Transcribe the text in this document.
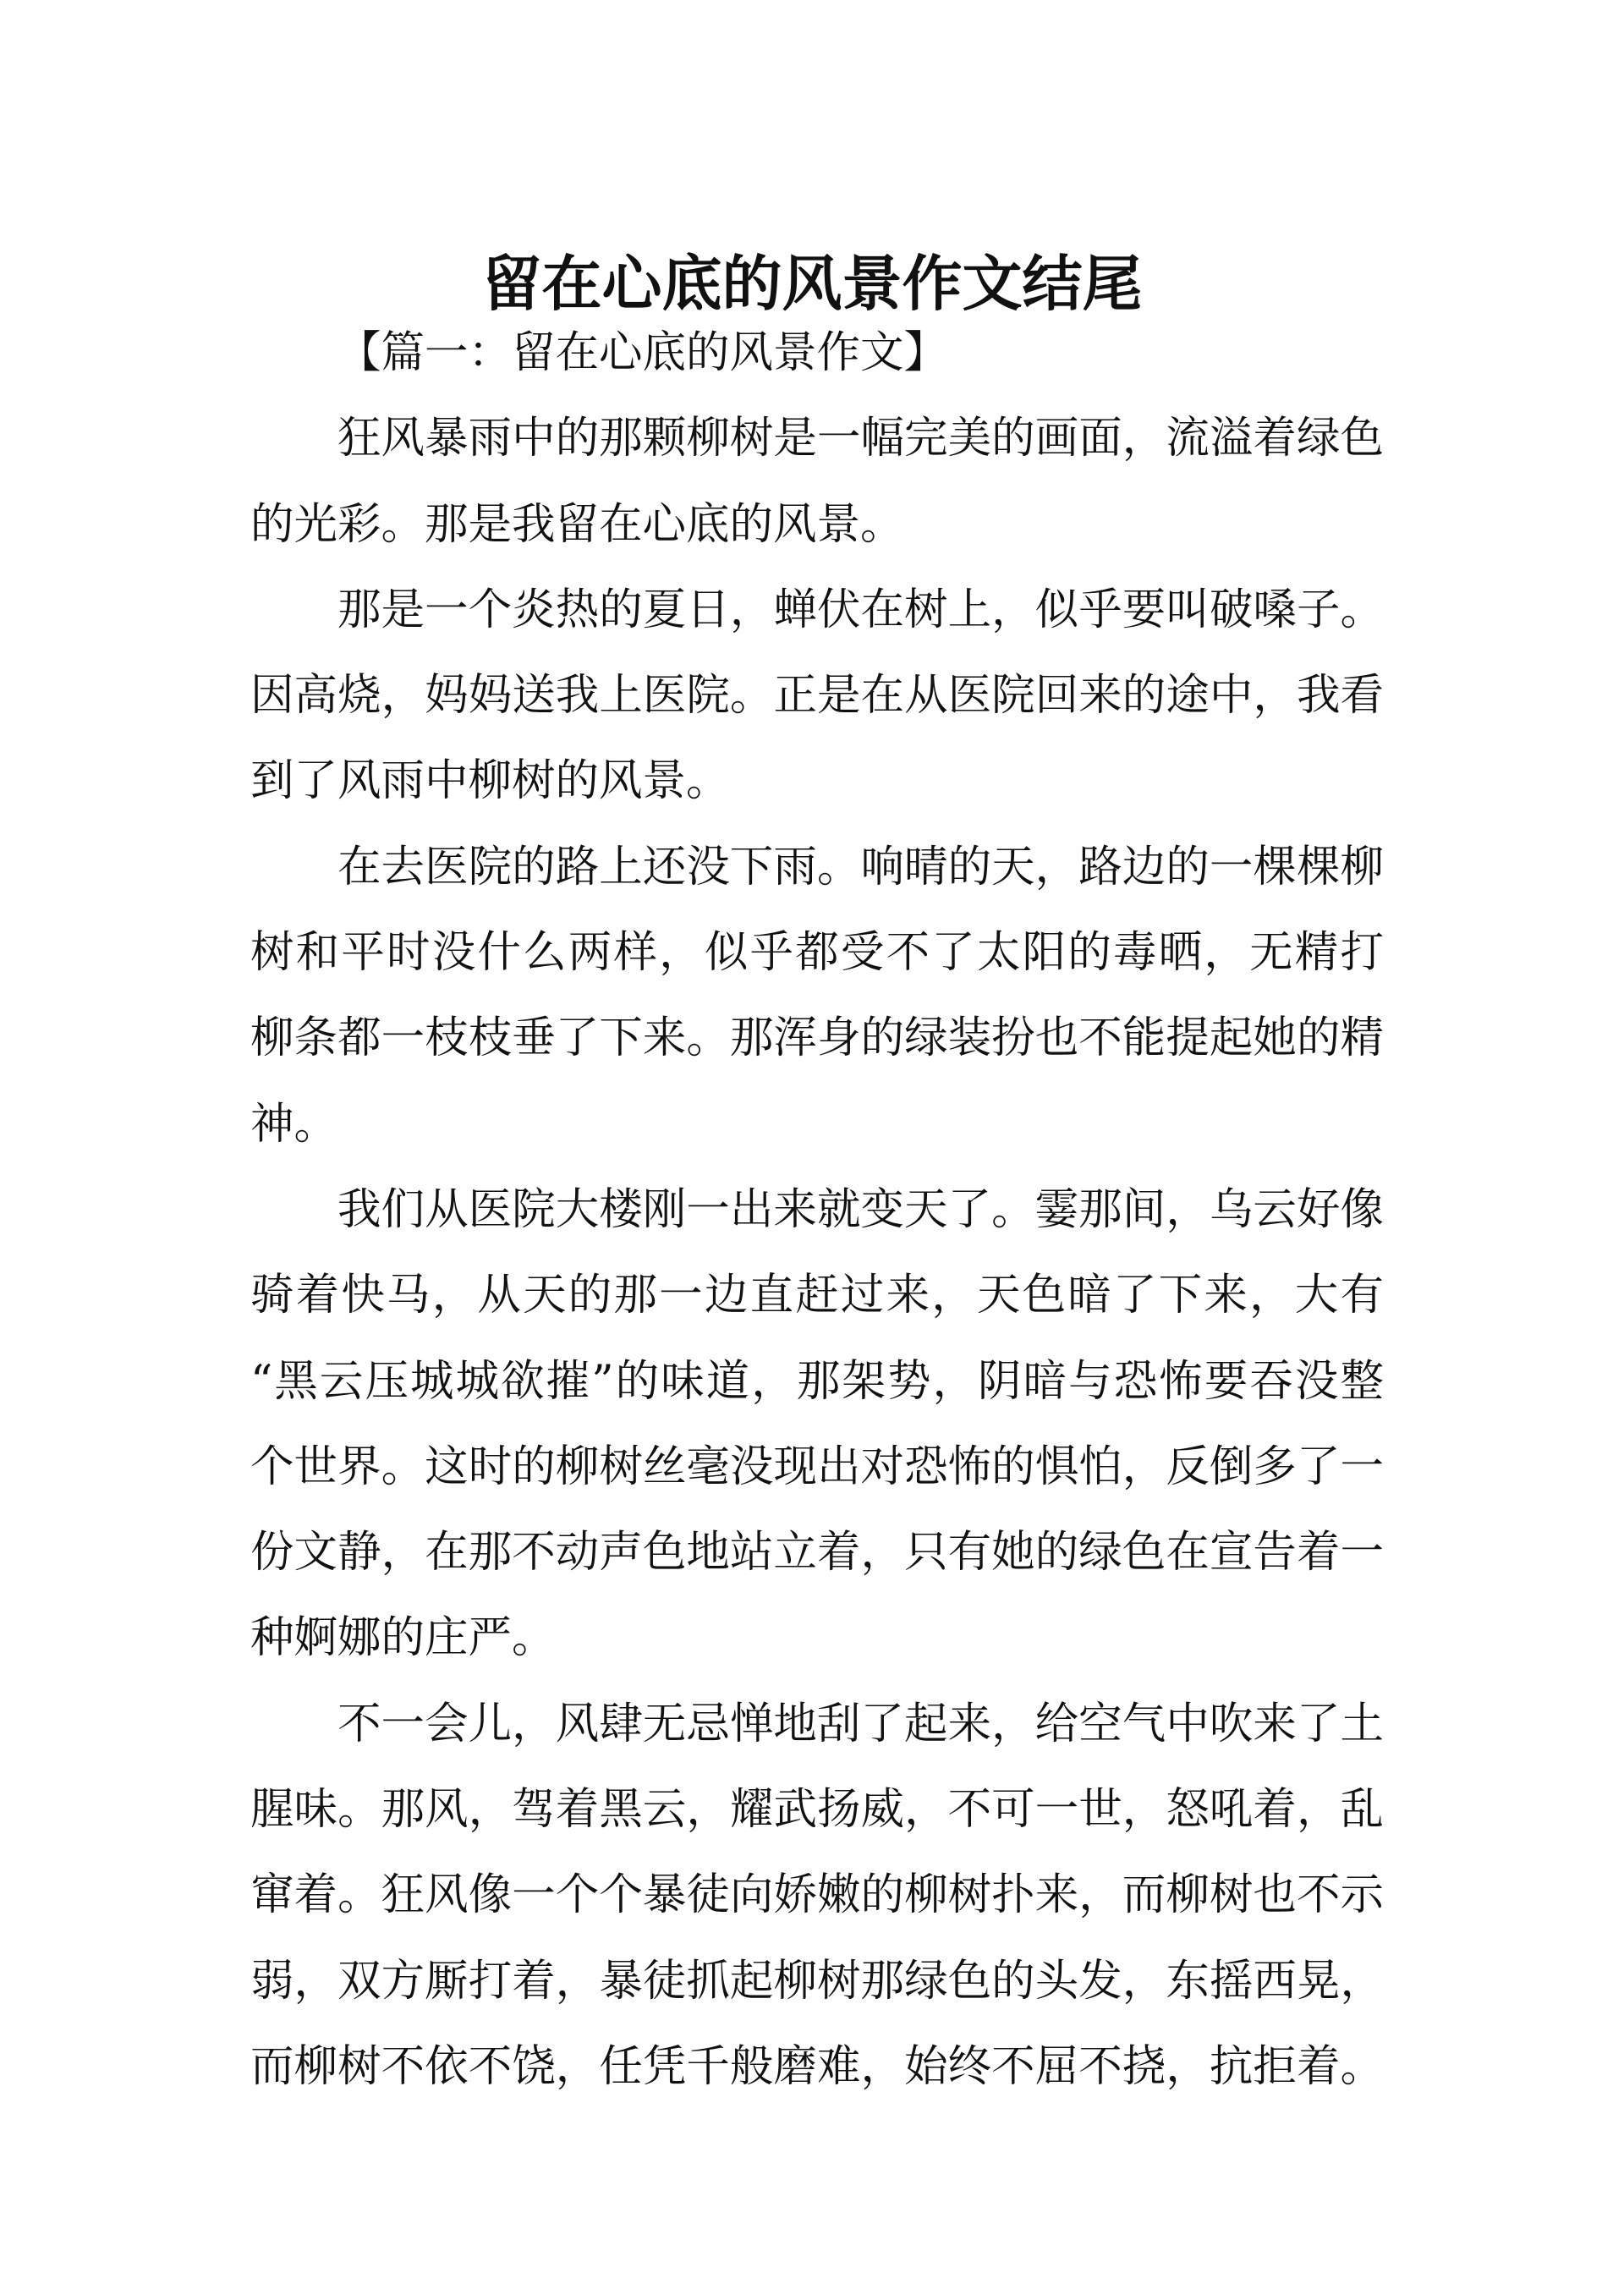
留在心底的风景作文结尾
【篇一：留在心底的风景作文】
狂风暴雨中的那颗柳树是一幅完美的画面，流溢着绿色
的光彩。那是我留在心底的风景。
那是一个炎热的夏日，蝉伏在树上，似乎要叫破嗓子。
因高烧，妈妈送我上医院。正是在从医院回来的途中，我看
到了风雨中柳树的风景。
在去医院的路上还没下雨。响晴的天，路边的一棵棵柳
树和平时没什么两样，似乎都受不了太阳的毒晒，无精打
柳条都一枝枝垂了下来。那浑身的绿装扮也不能提起她的精
神。
我们从医院大楼刚一出来就变天了。霎那间，乌云好像
骑着快马，从天的那一边直赶过来，天色暗了下来，大有
“黑云压城城欲摧”的味道，那架势，阴暗与恐怖要吞没整
个世界。这时的柳树丝毫没现出对恐怖的惧怕，反倒多了一
份文静，在那不动声色地站立着，只有她的绿色在宣告着一
种婀娜的庄严。
不一会儿，风肆无忌惮地刮了起来，给空气中吹来了土
腥味。那风，驾着黑云，耀武扬威，不可一世，怒吼着，乱
窜着。狂风像一个个暴徒向娇嫩的柳树扑来，而柳树也不示
弱，双方厮打着，暴徒抓起柳树那绿色的头发，东摇西晃，
而柳树不依不饶，任凭千般磨难，始终不屈不挠，抗拒着。
